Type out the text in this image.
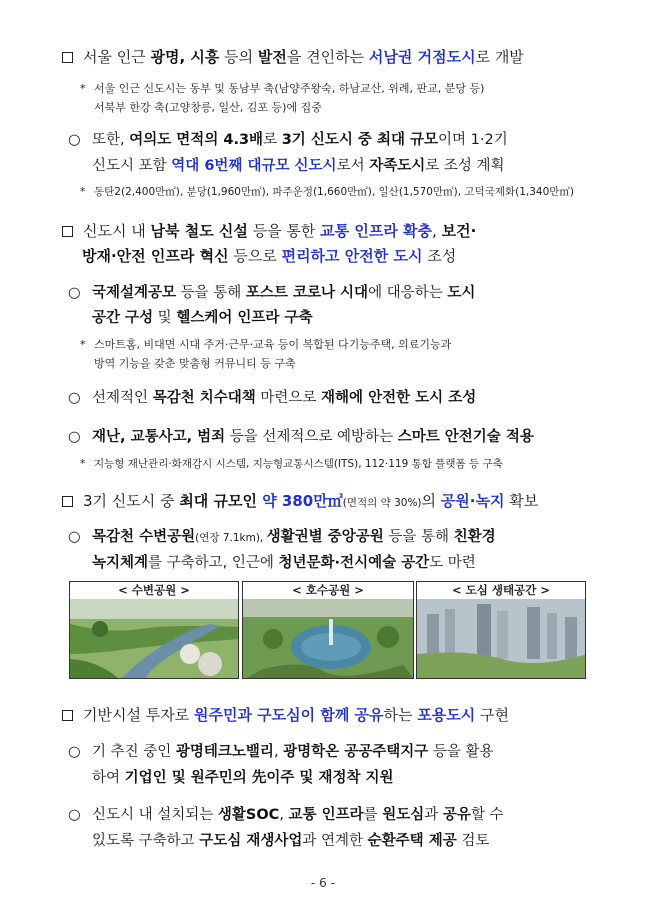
서울 인근 광명, 시흥 등의 발전을 견인하는 서남권 거점도시로 개발
* 서울 인근 신도시는 동부 및 동남부 축(남양주왕숙, 하남교산, 위례, 판교, 분당 등)
서북부 한강 축(고양창릉, 일산, 김포 등)에 집중
○ 또한, 여의도 면적의 4.3배로 3기 신도시 중 최대 규모이며 1·2기
신도시 포함 역대 6번째 대규모 신도시로서 자족도시로 조성 계획
* 동탄2(2,400만㎡), 분당(1,960만㎡), 파주운정(1,660만㎡), 일산(1,570만㎡), 고덕국제화(1,340만㎡)
신도시 내 남북 철도 신설 등을 통한 교통 인프라 확충, 보건·
방재·안전 인프라 혁신 등으로 편리하고 안전한 도시 조성
○ 국제설계공모 등을 통해 포스트 코로나 시대에 대응하는 도시
공간 구성 및 헬스케어 인프라 구축
* 스마트홈, 비대면 시대 주거·근무·교육 등이 복합된 다기능주택, 의료기능과
방역 기능을 갖춘 맞춤형 커뮤니티 등 구축
○ 선제적인 목감천 치수대책 마련으로 재해에 안전한 도시 조성
○ 재난, 교통사고, 범죄 등을 선제적으로 예방하는 스마트 안전기술 적용
* 지능형 재난관리·화재감시 시스템, 지능형교통시스템(ITS), 112·119 통합 플랫폼 등 구축
3기 신도시 중 최대 규모인 약 380만㎡(면적의 약 30%)의 공원·녹지 확보
○ 목감천 수변공원(연장 7.1km), 생활권별 중앙공원 등을 통해 친환경
녹지체계를 구축하고, 인근에 청년문화·전시예술 공간도 마련
< 수변공원 >	< 호수공원 >	< 도심 생태공간 >
기반시설 투자로 원주민과 구도심이 함께 공유하는 포용도시 구현
○ 기 추진 중인 광명테크노밸리, 광명학온 공공주택지구 등을 활용
하여 기업인 및 원주민의 先이주 및 재정착 지원
○ 신도시 내 설치되는 생활SOC, 교통 인프라를 원도심과 공유할 수
있도록 구축하고 구도심 재생사업과 연계한 순환주택 제공 검토
- 6 -
